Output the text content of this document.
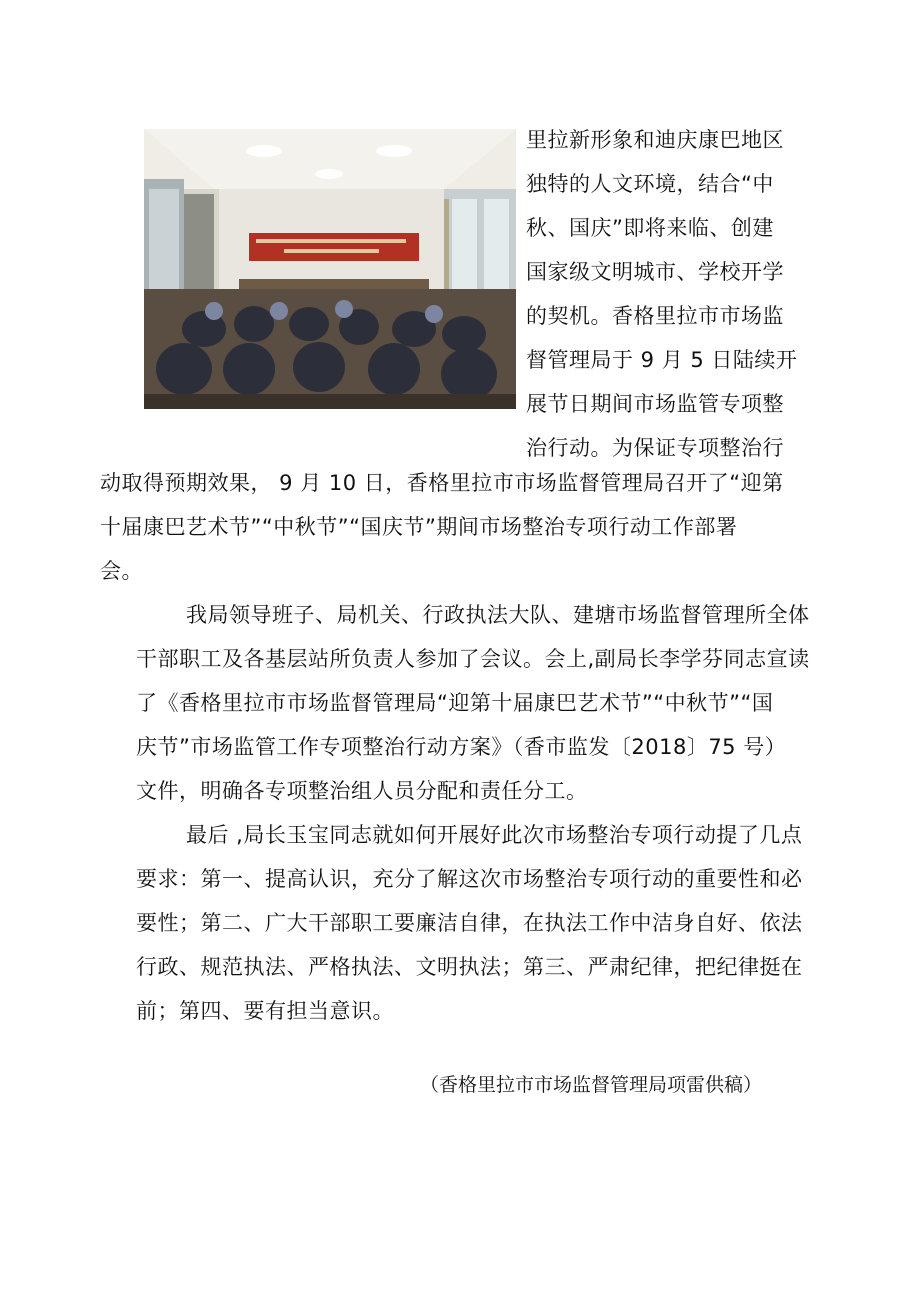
里拉新形象和迪庆康巴地区
独特的人文环境，结合“中
秋、国庆”即将来临、创建
国家级文明城市、学校开学
的契机。香格里拉市市场监
督管理局于 9 月 5 日陆续开
展节日期间市场监管专项整
治行动。为保证专项整治行
动取得预期效果， 9 月 10 日，香格里拉市市场监督管理局召开了“迎第
十届康巴艺术节”“中秋节”“国庆节”期间市场整治专项行动工作部署
会。
我局领导班子、局机关、行政执法大队、建塘市场监督管理所全体
干部职工及各基层站所负责人参加了会议。会上,副局长李学芬同志宣读
了《香格里拉市市场监督管理局“迎第十届康巴艺术节”“中秋节”“国
庆节”市场监管工作专项整治行动方案》（香市监发〔2018〕75 号）
文件，明确各专项整治组人员分配和责任分工。
最后 ,局长玉宝同志就如何开展好此次市场整治专项行动提了几点
要求：第一、提高认识，充分了解这次市场整治专项行动的重要性和必
要性；第二、广大干部职工要廉洁自律，在执法工作中洁身自好、依法
行政、规范执法、严格执法、文明执法；第三、严肃纪律，把纪律挺在
前；第四、要有担当意识。
（香格里拉市市场监督管理局项雷供稿）
